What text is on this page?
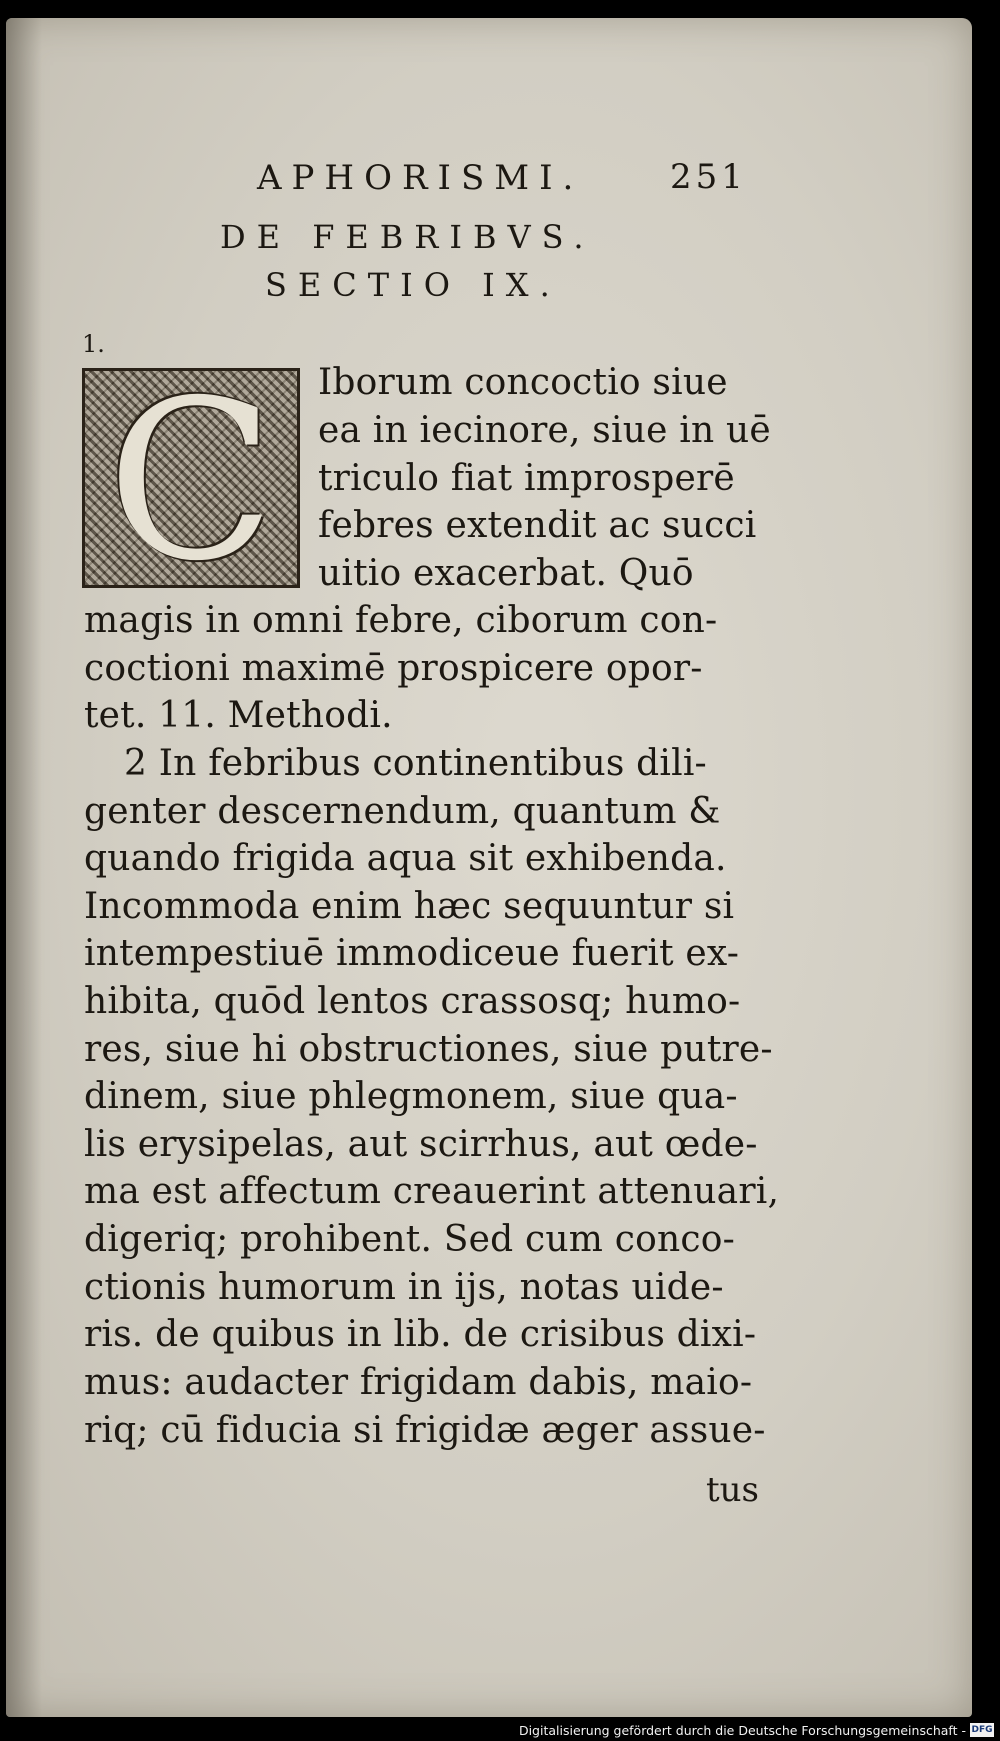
APHORISMI.	251
DE FEBRIBVS.
SECTIO IX.
1.
C	Iborum concoctio siue
ea in iecinore, siue in uē
triculo fiat improsperē
febres extendit ac succi
uitio exacerbat. Quō
magis in omni febre, ciborum con-
coctioni maximē prospicere opor-
tet. 11. Methodi.
2 In febribus continentibus dili-
genter descernendum, quantum &
quando frigida aqua sit exhibenda.
Incommoda enim hæc sequuntur si
intempestiuē immodiceue fuerit ex-
hibita, quōd lentos crassosq; humo-
res, siue hi obstructiones, siue putre-
dinem, siue phlegmonem, siue qua-
lis erysipelas, aut scirrhus, aut œde-
ma est affectum creauerint attenuari,
digeriq; prohibent. Sed cum conco-
ctionis humorum in ijs, notas uide-
ris. de quibus in lib. de crisibus dixi-
mus: audacter frigidam dabis, maio-
riq; cū fiducia si frigidæ æger assue-
tus
Digitalisierung gefördert durch die Deutsche Forschungsgemeinschaft - DFG
